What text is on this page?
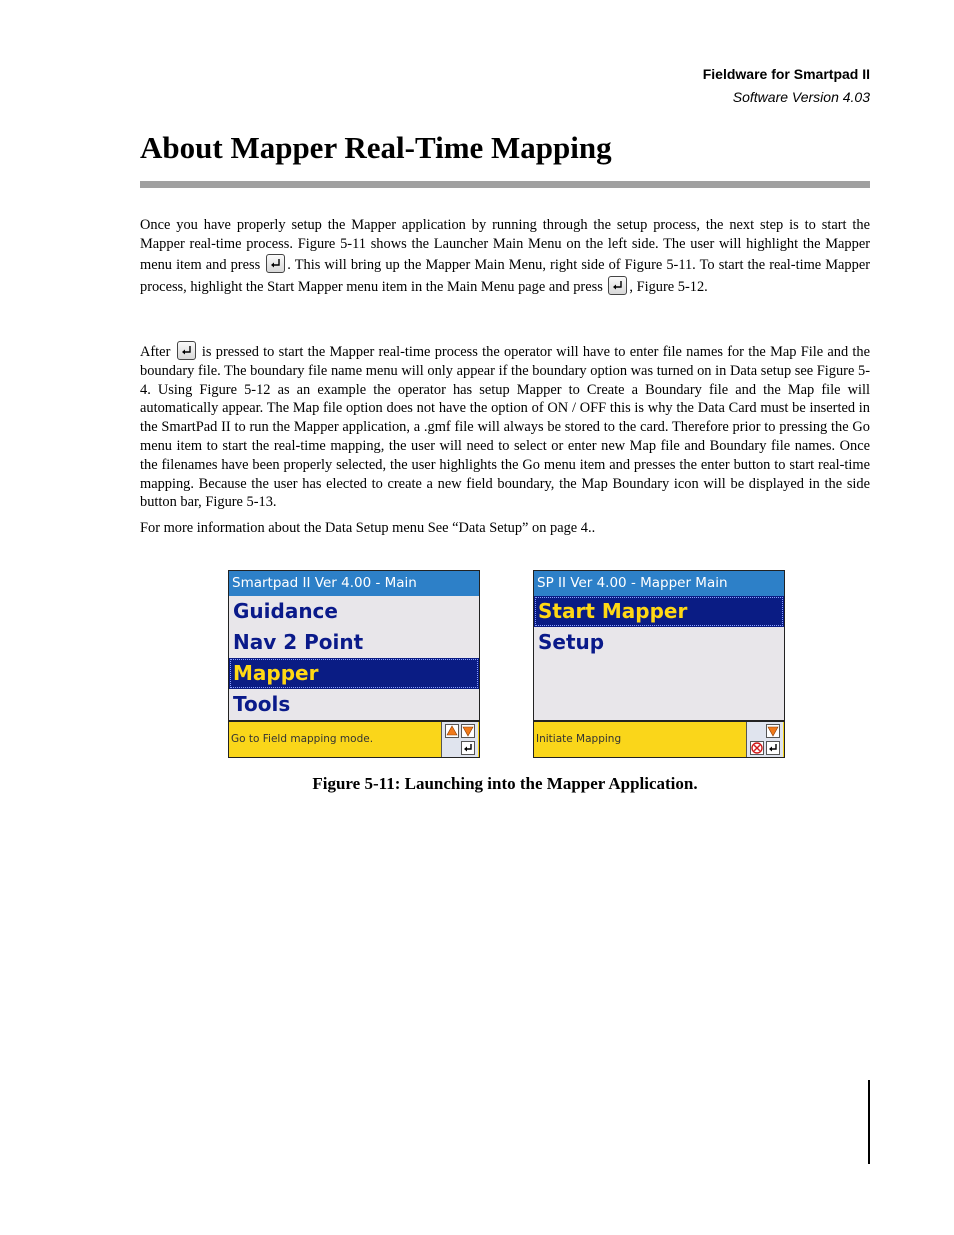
Fieldware for Smartpad II
Software Version 4.03
About Mapper Real-Time Mapping

Once you have properly setup the Mapper application by running through the setup process, the next step is to start the Mapper real-time process. Figure 5-11 shows the Launcher Main Menu on the left side. The user will highlight the Mapper menu item and press
. This will bring up the Mapper Main Menu, right side of Figure 5-11. To start the real-time Mapper process, highlight the Start Mapper menu item in the Main Menu page and press
, Figure 5-12.

After
is pressed to start the Mapper real-time process the operator will have to enter file names for the Map File and the boundary file. The boundary file name menu will only appear if the boundary option was turned on in Data setup see Figure 5-4. Using Figure 5-12 as an example the operator has setup Mapper to Create a Boundary file and the Map file will automatically appear. The Map file option does not have the option of ON / OFF this is why the Data Card must be inserted in the SmartPad II to run the Mapper application, a .gmf file will always be stored to the card. Therefore prior to pressing the Go menu item to start the real-time mapping, the user will need to select or enter new Map file and Boundary file names. Once the filenames have been properly selected, the user highlights the Go menu item and presses the enter button to start real-time mapping. Because the user has elected to create a new field boundary, the Map Boundary icon will be displayed in the side button bar, Figure 5-13.

For more information about the Data Setup menu See “Data Setup” on page 4..

Smartpad II Ver 4.00 - Main
Guidance
Nav 2 Point
Mapper
Tools
Go to Field mapping mode.
SP II Ver 4.00 - Mapper Main
Start Mapper
Setup
Initiate Mapping

Figure 5-11: Launching into the Mapper Application.
